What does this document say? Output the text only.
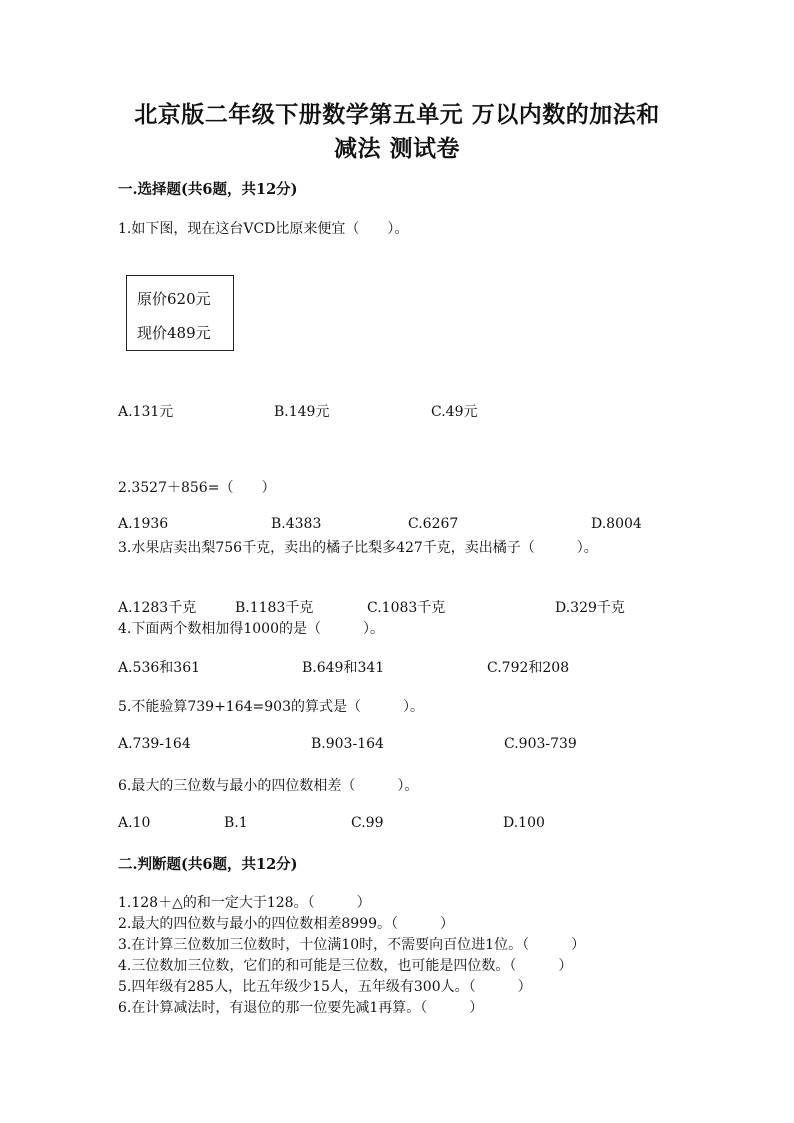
北京版二年级下册数学第五单元 万以内数的加法和
减法 测试卷
一.选择题(共6题，共12分)
1.如下图，现在这台VCD比原来便宜（　　）。
原价620元
现价489元
A.131元	B.149元	C.49元
2.3527＋856=（　　）
A.1936	B.4383	C.6267	D.8004
3.水果店卖出梨756千克，卖出的橘子比梨多427千克，卖出橘子（　　　）。
A.1283千克	B.1183千克	C.1083千克	D.329千克
4.下面两个数相加得1000的是（　　　）。
A.536和361	B.649和341	C.792和208
5.不能验算739+164=903的算式是（　　　）。
A.739-164	B.903-164	C.903-739
6.最大的三位数与最小的四位数相差（　　　）。
A.10	B.1	C.99	D.100
二.判断题(共6题，共12分)
1.128＋△的和一定大于128。（　　　）
2.最大的四位数与最小的四位数相差8999。（　　　）
3.在计算三位数加三位数时，十位满10时，不需要向百位进1位。（　　　）
4.三位数加三位数，它们的和可能是三位数，也可能是四位数。（　　　）
5.四年级有285人，比五年级少15人，五年级有300人。（　　　）
6.在计算减法时，有退位的那一位要先减1再算。（　　　）
